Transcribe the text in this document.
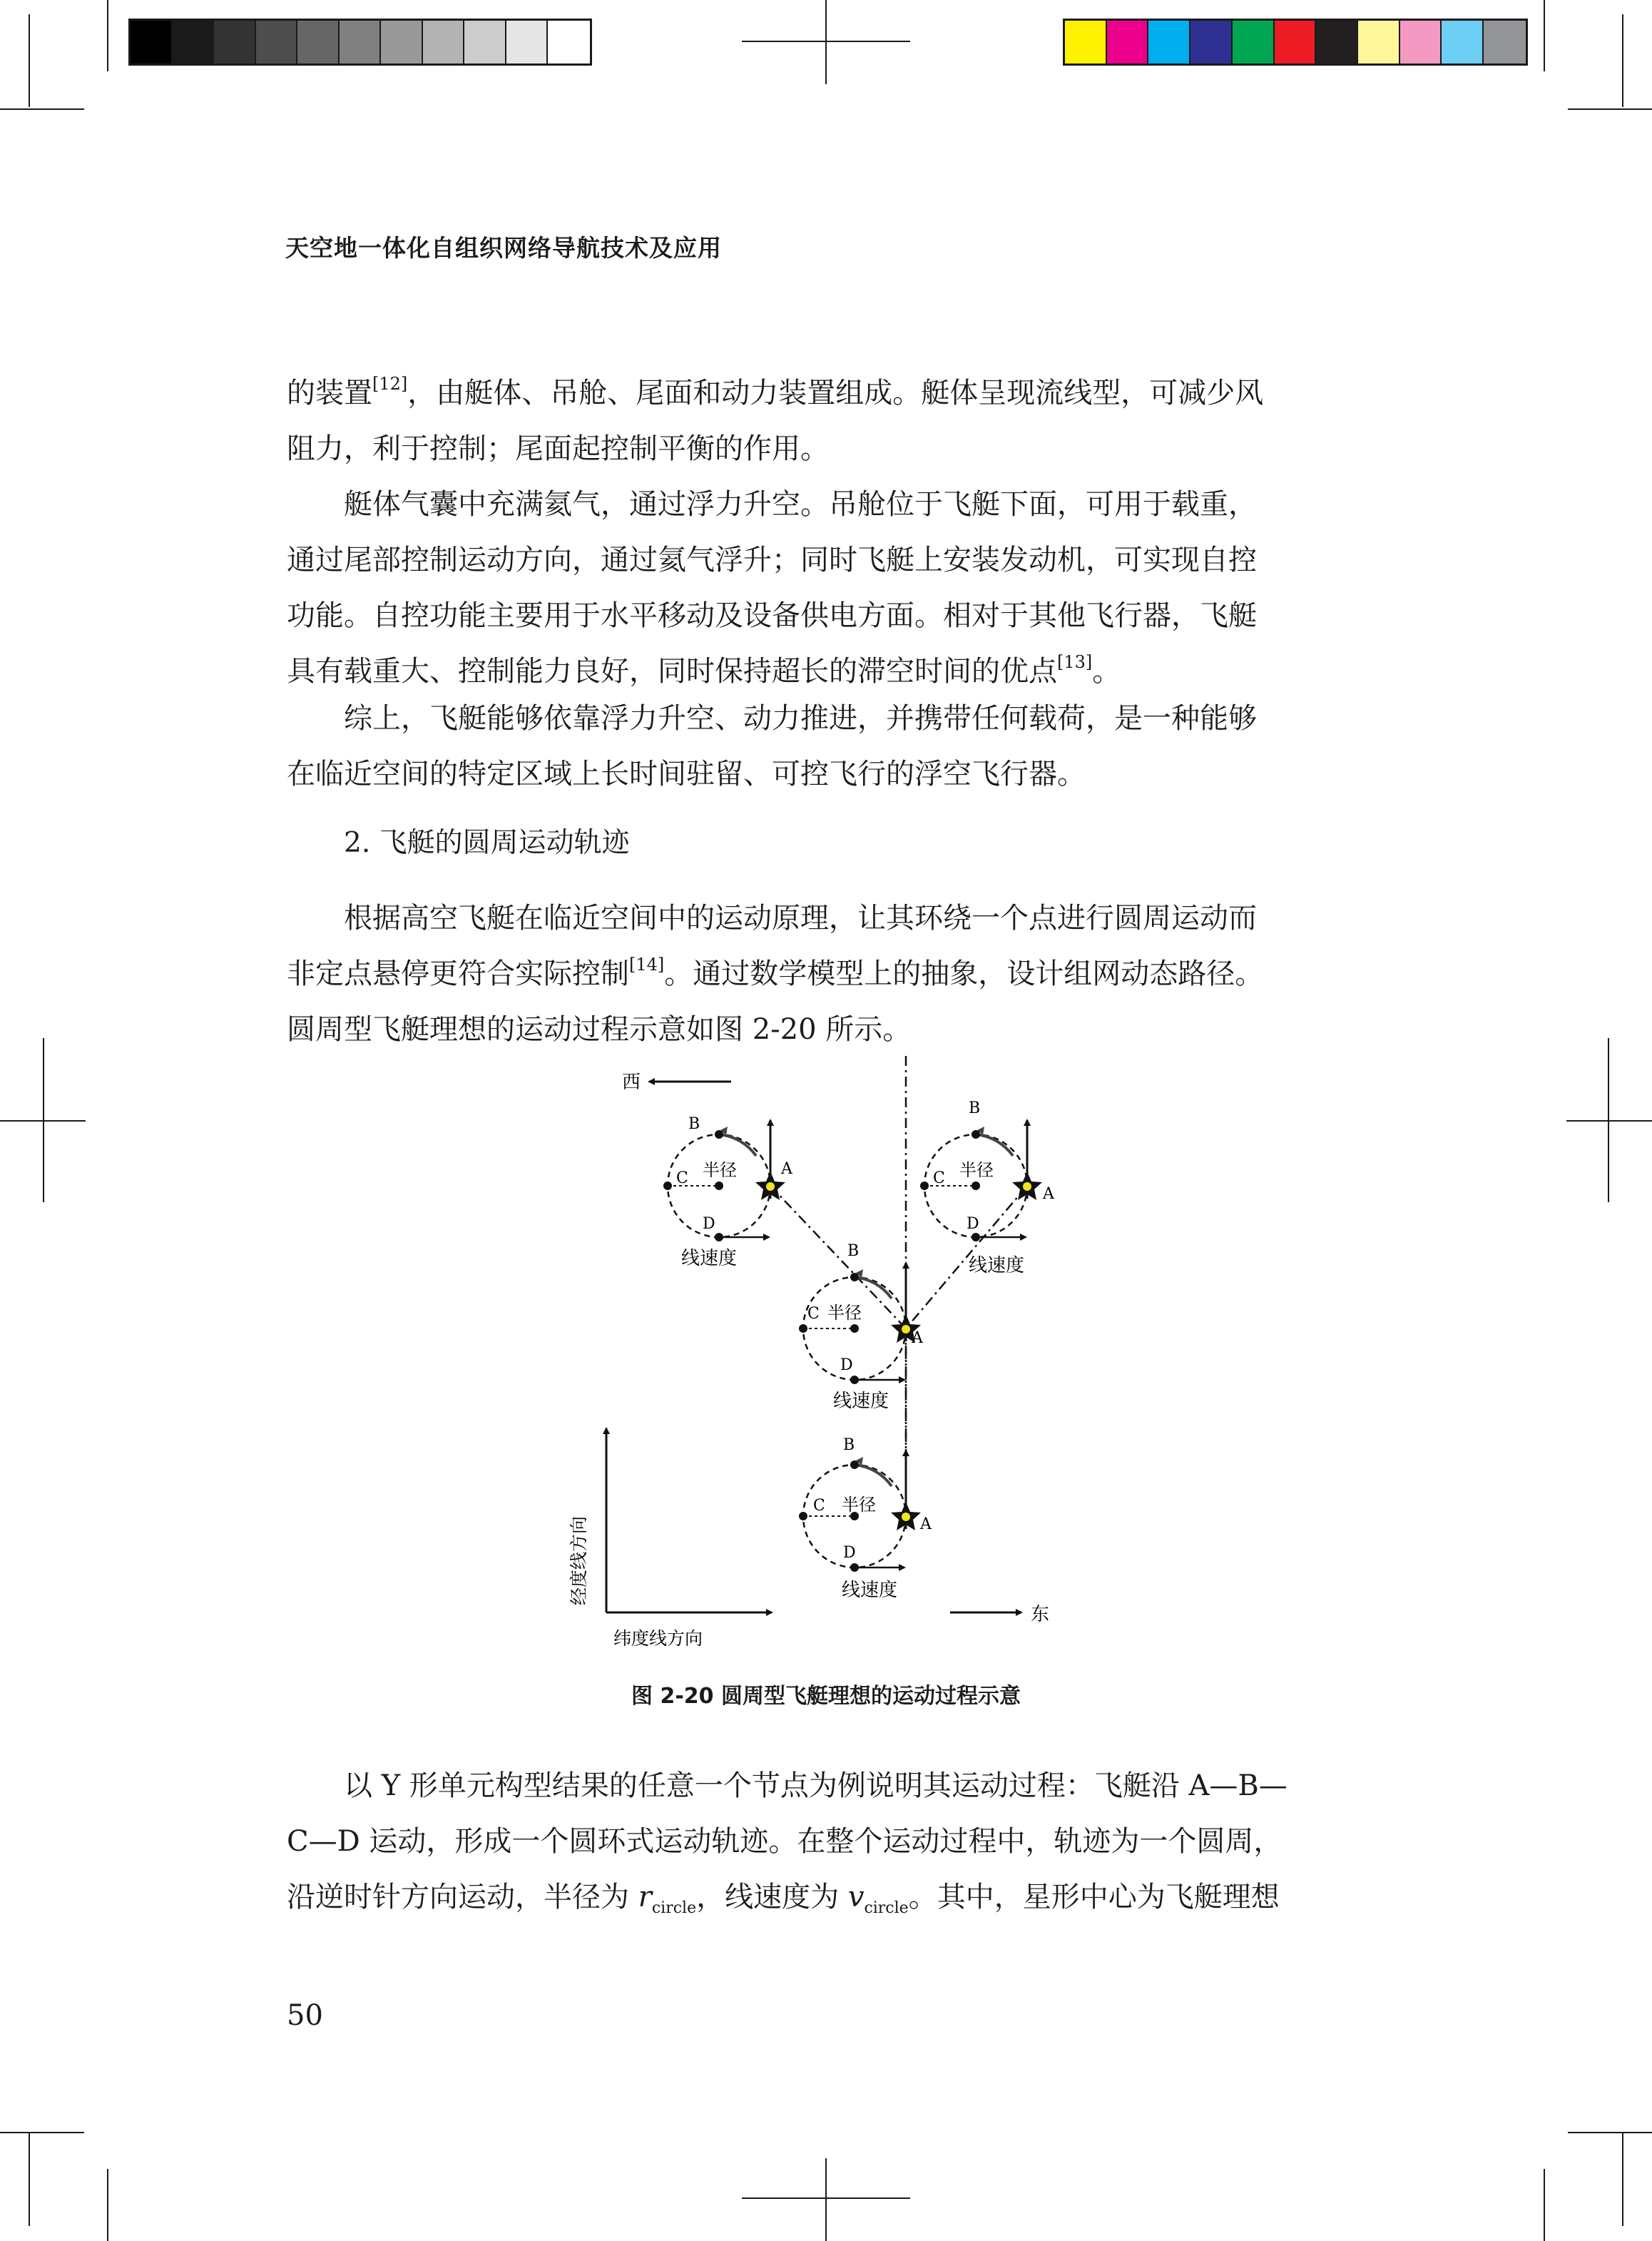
天空地一体化自组织网络导航技术及应用
的装置[12]，由艇体、吊舱、尾面和动力装置组成。艇体呈现流线型，可减少风
阻力，利于控制；尾面起控制平衡的作用。
艇体气囊中充满氦气，通过浮力升空。吊舱位于飞艇下面，可用于载重，
通过尾部控制运动方向，通过氦气浮升；同时飞艇上安装发动机，可实现自控
功能。自控功能主要用于水平移动及设备供电方面。相对于其他飞行器，飞艇
具有载重大、控制能力良好，同时保持超长的滞空时间的优点[13]。
综上，飞艇能够依靠浮力升空、动力推进，并携带任何载荷，是一种能够
在临近空间的特定区域上长时间驻留、可控飞行的浮空飞行器。
2. 飞艇的圆周运动轨迹
根据高空飞艇在临近空间中的运动原理，让其环绕一个点进行圆周运动而
非定点悬停更符合实际控制[14]。通过数学模型上的抽象，设计组网动态路径。
圆周型飞艇理想的运动过程示意如图 2-20 所示。
西
B
A
C
D
半径
线速度
B
A
C
D
半径
线速度
B
A
C
D
半径
线速度
B
A
C
D
半径
线速度
经度线方向
纬度线方向
东
图 2-20 圆周型飞艇理想的运动过程示意
以 Y 形单元构型结果的任意一个节点为例说明其运动过程：飞艇沿 A—B—
C—D 运动，形成一个圆环式运动轨迹。在整个运动过程中，轨迹为一个圆周，
沿逆时针方向运动，半径为 $r_{circle}$，线速度为 $v_{circle}$。其中，星形中心为飞艇理想
50
